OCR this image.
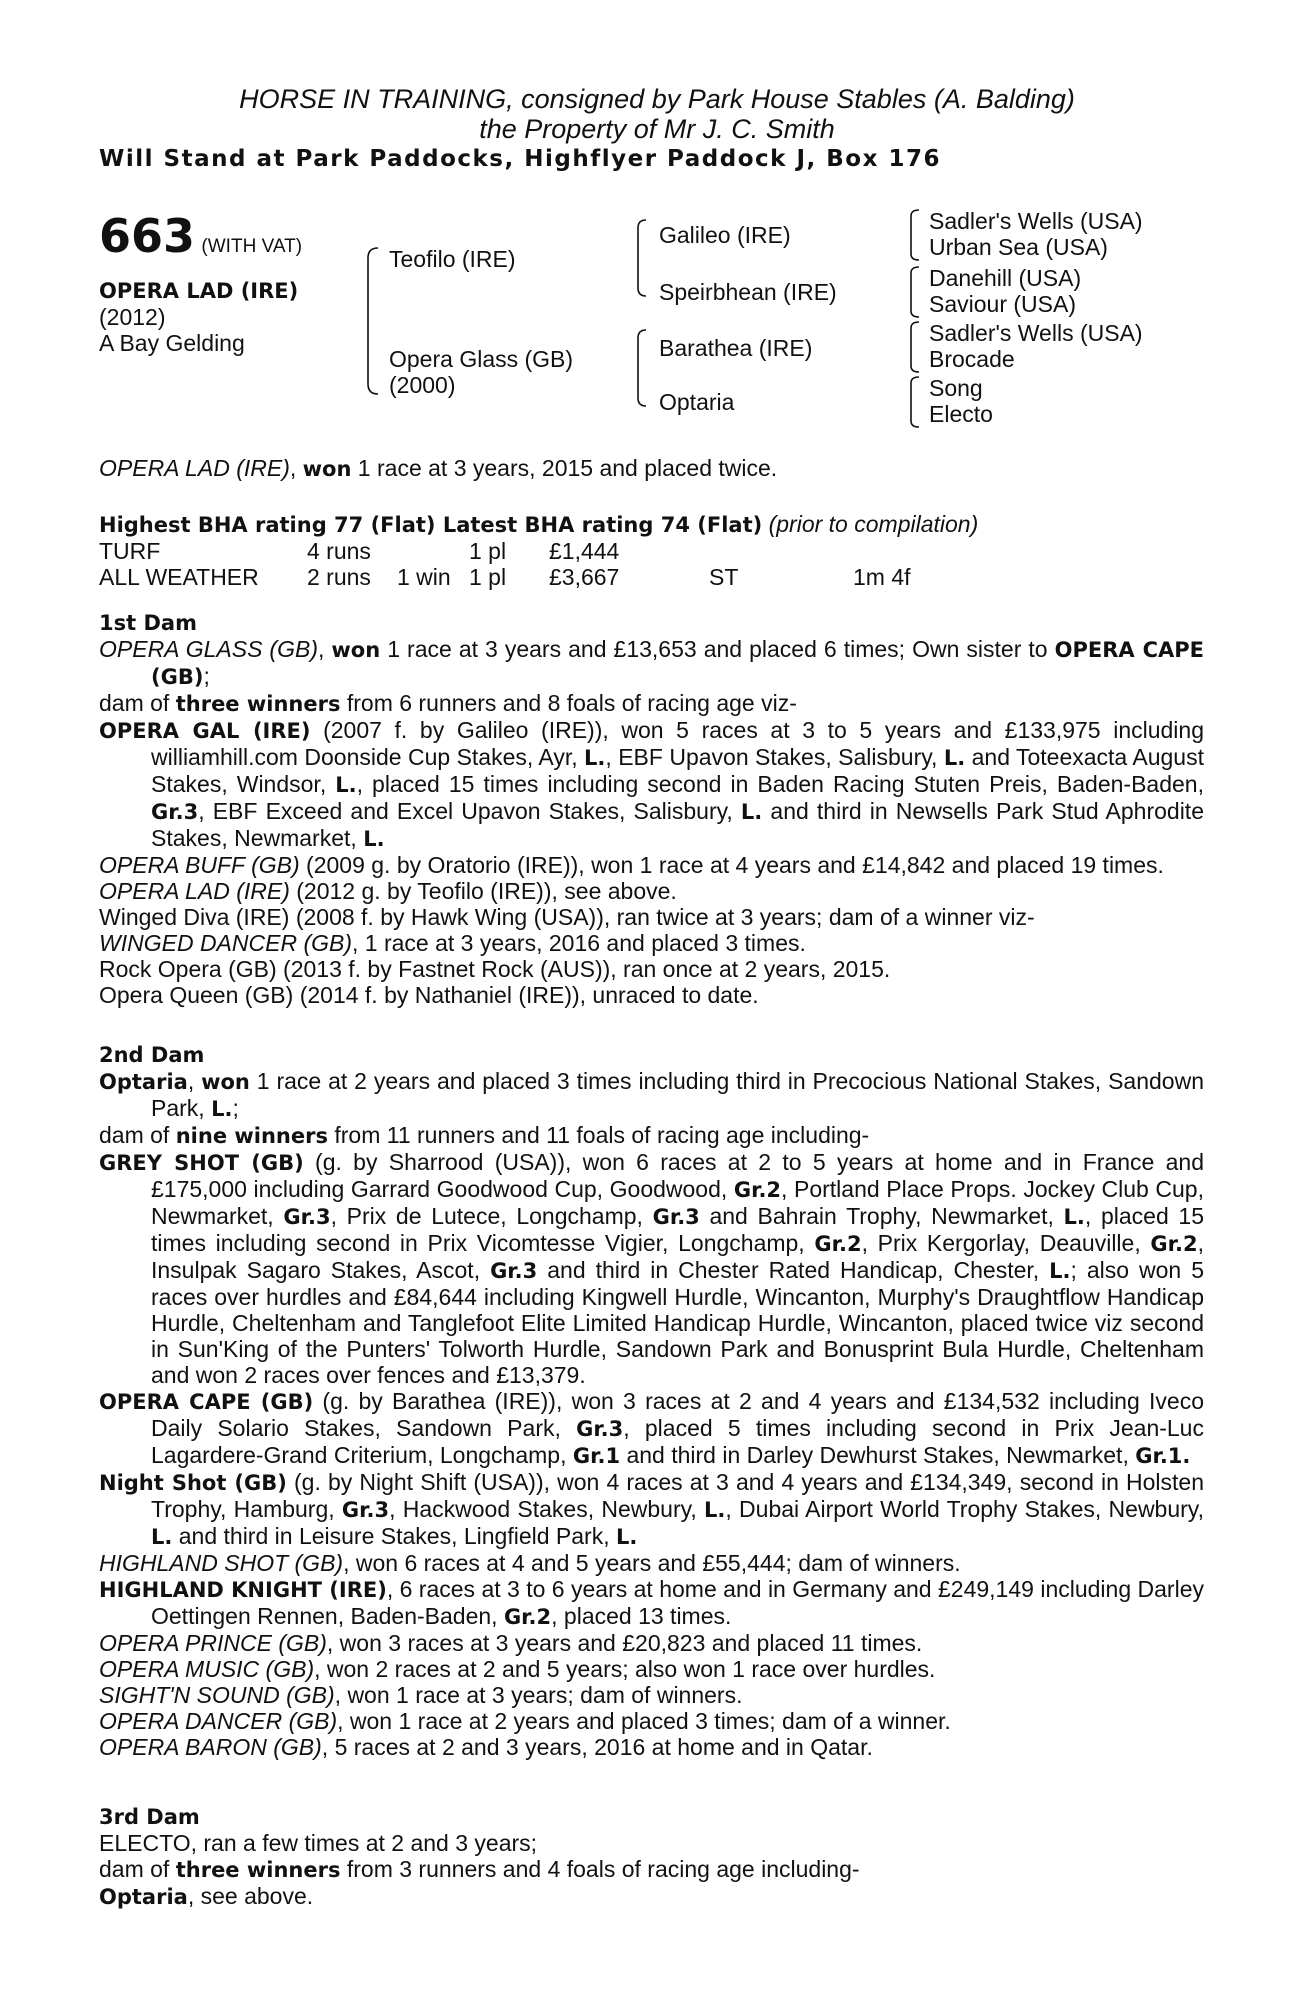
HORSE IN TRAINING, consigned by Park House Stables (A. Balding)
the Property of Mr J. C. Smith
Will Stand at Park Paddocks, Highflyer Paddock J, Box 176
663 (WITH VAT)
OPERA LAD (IRE)
(2012)
A Bay Gelding
Teofilo (IRE)
Opera Glass (GB)
(2000)
Galileo (IRE)
Speirbhean (IRE)
Barathea (IRE)
Optaria
Sadler's Wells (USA)
Urban Sea (USA)
Danehill (USA)
Saviour (USA)
Sadler's Wells (USA)
Brocade
Song
Electo

OPERA LAD (IRE), won 1 race at 3 years, 2015 and placed twice.

Highest BHA rating 77 (Flat) Latest BHA rating 74 (Flat) (prior to compilation)

TURF	4 runs		1 pl	£1,444		
ALL WEATHER	2 runs	1 win	1 pl	£3,667	ST	1m 4f

1st Dam

OPERA GLASS (GB), won 1 race at 3 years and £13,653 and placed 6 times; Own sister to OPERA CAPE (GB);

dam of three winners from 6 runners and 8 foals of racing age viz-

OPERA GAL (IRE) (2007 f. by Galileo (IRE)), won 5 races at 3 to 5 years and £133,975 including williamhill.com Doonside Cup Stakes, Ayr, L., EBF Upavon Stakes, Salisbury, L. and Toteexacta August Stakes, Windsor, L., placed 15 times including second in Baden Racing Stuten Preis, Baden-Baden, Gr.3, EBF Exceed and Excel Upavon Stakes, Salisbury, L. and third in Newsells Park Stud Aphrodite Stakes, Newmarket, L.

OPERA BUFF (GB) (2009 g. by Oratorio (IRE)), won 1 race at 4 years and £14,842 and placed 19 times.

OPERA LAD (IRE) (2012 g. by Teofilo (IRE)), see above.

Winged Diva (IRE) (2008 f. by Hawk Wing (USA)), ran twice at 3 years; dam of a winner viz-

WINGED DANCER (GB), 1 race at 3 years, 2016 and placed 3 times.

Rock Opera (GB) (2013 f. by Fastnet Rock (AUS)), ran once at 2 years, 2015.

Opera Queen (GB) (2014 f. by Nathaniel (IRE)), unraced to date.

2nd Dam

Optaria, won 1 race at 2 years and placed 3 times including third in Precocious National Stakes, Sandown Park, L.;

dam of nine winners from 11 runners and 11 foals of racing age including-

GREY SHOT (GB) (g. by Sharrood (USA)), won 6 races at 2 to 5 years at home and in France and £175,000 including Garrard Goodwood Cup, Goodwood, Gr.2, Portland Place Props. Jockey Club Cup, Newmarket, Gr.3, Prix de Lutece, Longchamp, Gr.3 and Bahrain Trophy, Newmarket, L., placed 15 times including second in Prix Vicomtesse Vigier, Longchamp, Gr.2, Prix Kergorlay, Deauville, Gr.2, Insulpak Sagaro Stakes, Ascot, Gr.3 and third in Chester Rated Handicap, Chester, L.; also won 5 races over hurdles and £84,644 including Kingwell Hurdle, Wincanton, Murphy's Draughtflow Handicap Hurdle, Cheltenham and Tanglefoot Elite Limited Handicap Hurdle, Wincanton, placed twice viz second in Sun'King of the Punters' Tolworth Hurdle, Sandown Park and Bonusprint Bula Hurdle, Cheltenham and won 2 races over fences and £13,379.

OPERA CAPE (GB) (g. by Barathea (IRE)), won 3 races at 2 and 4 years and £134,532 including Iveco Daily Solario Stakes, Sandown Park, Gr.3, placed 5 times including second in Prix Jean-Luc Lagardere-Grand Criterium, Longchamp, Gr.1 and third in Darley Dewhurst Stakes, Newmarket, Gr.1.

Night Shot (GB) (g. by Night Shift (USA)), won 4 races at 3 and 4 years and £134,349, second in Holsten Trophy, Hamburg, Gr.3, Hackwood Stakes, Newbury, L., Dubai Airport World Trophy Stakes, Newbury, L. and third in Leisure Stakes, Lingfield Park, L.

HIGHLAND SHOT (GB), won 6 races at 4 and 5 years and £55,444; dam of winners.

HIGHLAND KNIGHT (IRE), 6 races at 3 to 6 years at home and in Germany and £249,149 including Darley Oettingen Rennen, Baden-Baden, Gr.2, placed 13 times.

OPERA PRINCE (GB), won 3 races at 3 years and £20,823 and placed 11 times.

OPERA MUSIC (GB), won 2 races at 2 and 5 years; also won 1 race over hurdles.

SIGHT'N SOUND (GB), won 1 race at 3 years; dam of winners.

OPERA DANCER (GB), won 1 race at 2 years and placed 3 times; dam of a winner.

OPERA BARON (GB), 5 races at 2 and 3 years, 2016 at home and in Qatar.

3rd Dam

ELECTO, ran a few times at 2 and 3 years;

dam of three winners from 3 runners and 4 foals of racing age including-

Optaria, see above.
